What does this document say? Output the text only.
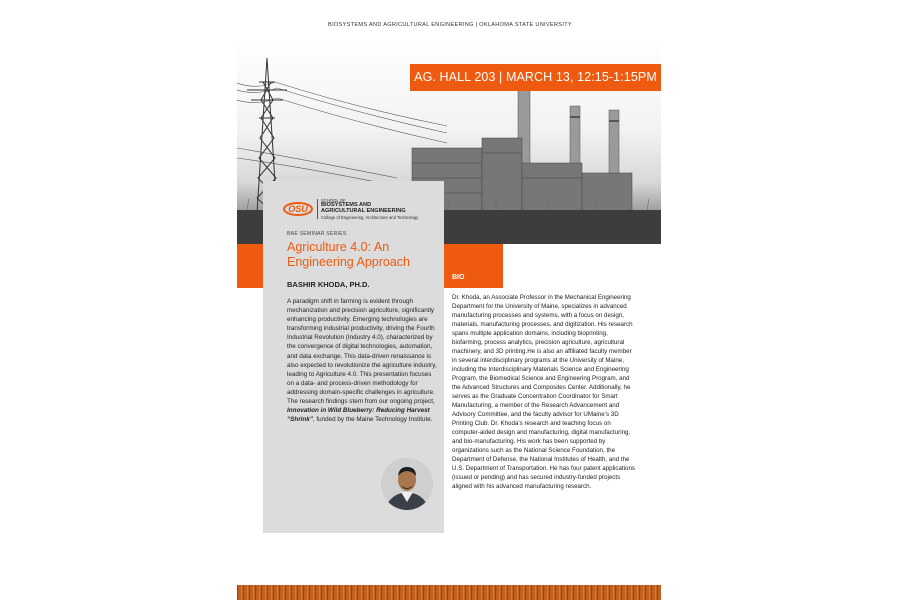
BIOSYSTEMS AND AGRICULTURAL ENGINEERING | OKLAHOMA STATE UNIVERSITY
AG. HALL 203 | MARCH 13, 12:15-1:15PM
BIO
OSU
SCHOOL OF
BIOSYSTEMS AND
AGRICULTURAL ENGINEERING
College of Engineering, Architecture and Technology
BAE SEMINAR SERIES
Agriculture 4.0: An Engineering Approach
BASHIR KHODA, PH.D.
A paradigm shift in farming is evident through mechanization and precision agriculture, significantly enhancing productivity. Emerging technologies are transforming industrial productivity, driving the Fourth Industrial Revolution (Industry 4.0), characterized by the convergence of digital technologies, automation, and data exchange. This data-driven renaissance is also expected to revolutionize the agriculture industry, leading to Agriculture 4.0. This presentation focuses on a data- and process-driven methodology for addressing domain-specific challenges in agriculture. The research findings stem from our ongoing project, Innovation in Wild Blueberry: Reducing Harvest “Shrink”, funded by the Maine Technology Institute.
Dr. Khoda, an Associate Professor in the Mechanical Engineering Department for the University of Maine, specializes in advanced manufacturing processes and systems, with a focus on design, materials, manufacturing processes, and digitization. His research spans multiple application domains, including bioprinting, biofarming, process analytics, precision agriculture, agricultural machinery, and 3D printing.He is also an affiliated faculty member in several interdisciplinary programs at the University of Maine, including the Interdisciplinary Materials Science and Engineering Program, the Biomedical Science and Engineering Program, and the Advanced Structures and Composites Center. Additionally, he serves as the Graduate Concentration Coordinator for Smart Manufacturing, a member of the Research Advancement and Advisory Committee, and the faculty advisor for UMaine’s 3D Printing Club. Dr. Khoda’s research and teaching focus on computer-aided design and manufacturing, digital manufacturing, and bio-manufacturing. His work has been supported by organizations such as the National Science Foundation, the Department of Defense, the National Institutes of Health, and the U.S. Department of Transportation. He has four patent applications (issued or pending) and has secured industry-funded projects aligned with his advanced manufacturing research.
